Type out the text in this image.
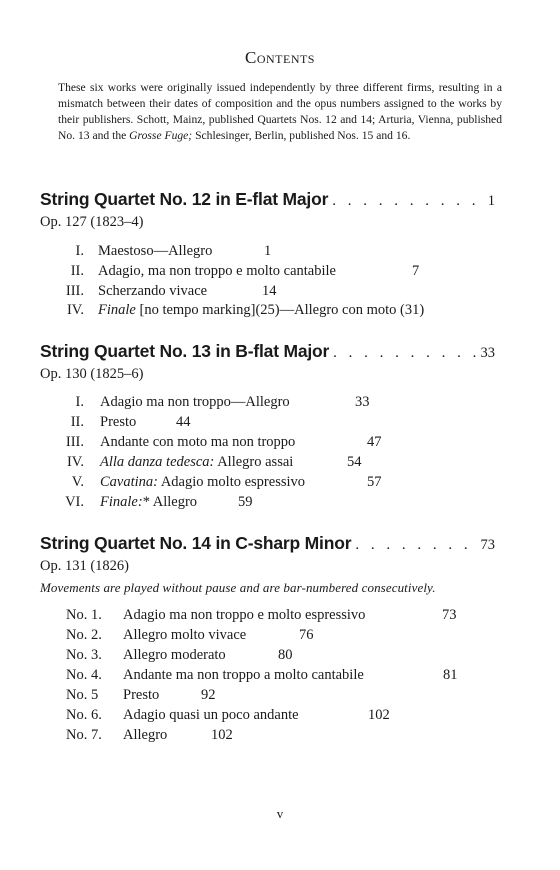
Contents
These six works were originally issued independently by three different firms, resulting in a mismatch between their dates of composition and the opus numbers assigned to the works by their publishers. Schott, Mainz, published Quartets Nos. 12 and 14; Arturia, Vienna, published No. 13 and the Grosse Fuge; Schlesinger, Berlin, published Nos. 15 and 16.
String Quartet No. 12 in E-flat Major . . .	1
Op. 127 (1823–4)
I. Maestoso—Allegro	1
II. Adagio, ma non troppo e molto cantabile	7
III. Scherzando vivace	14
IV. Finale [no tempo marking](25)—Allegro con moto (31)
String Quartet No. 13 in B-flat Major . . .	33
Op. 130 (1825–6)
I. Adagio ma non troppo—Allegro	33
II. Presto	44
III. Andante con moto ma non troppo	47
IV. Alla danza tedesca: Allegro assai	54
V. Cavatina: Adagio molto espressivo	57
VI. Finale:* Allegro	59
String Quartet No. 14 in C-sharp Minor . . .	73
Op. 131 (1826)
Movements are played without pause and are bar-numbered consecutively.
No. 1. Adagio ma non troppo e molto espressivo	73
No. 2. Allegro molto vivace	76
No. 3. Allegro moderato	80
No. 4. Andante ma non troppo a molto cantabile	81
No. 5 Presto	92
No. 6. Adagio quasi un poco andante	102
No. 7. Allegro	102
v
